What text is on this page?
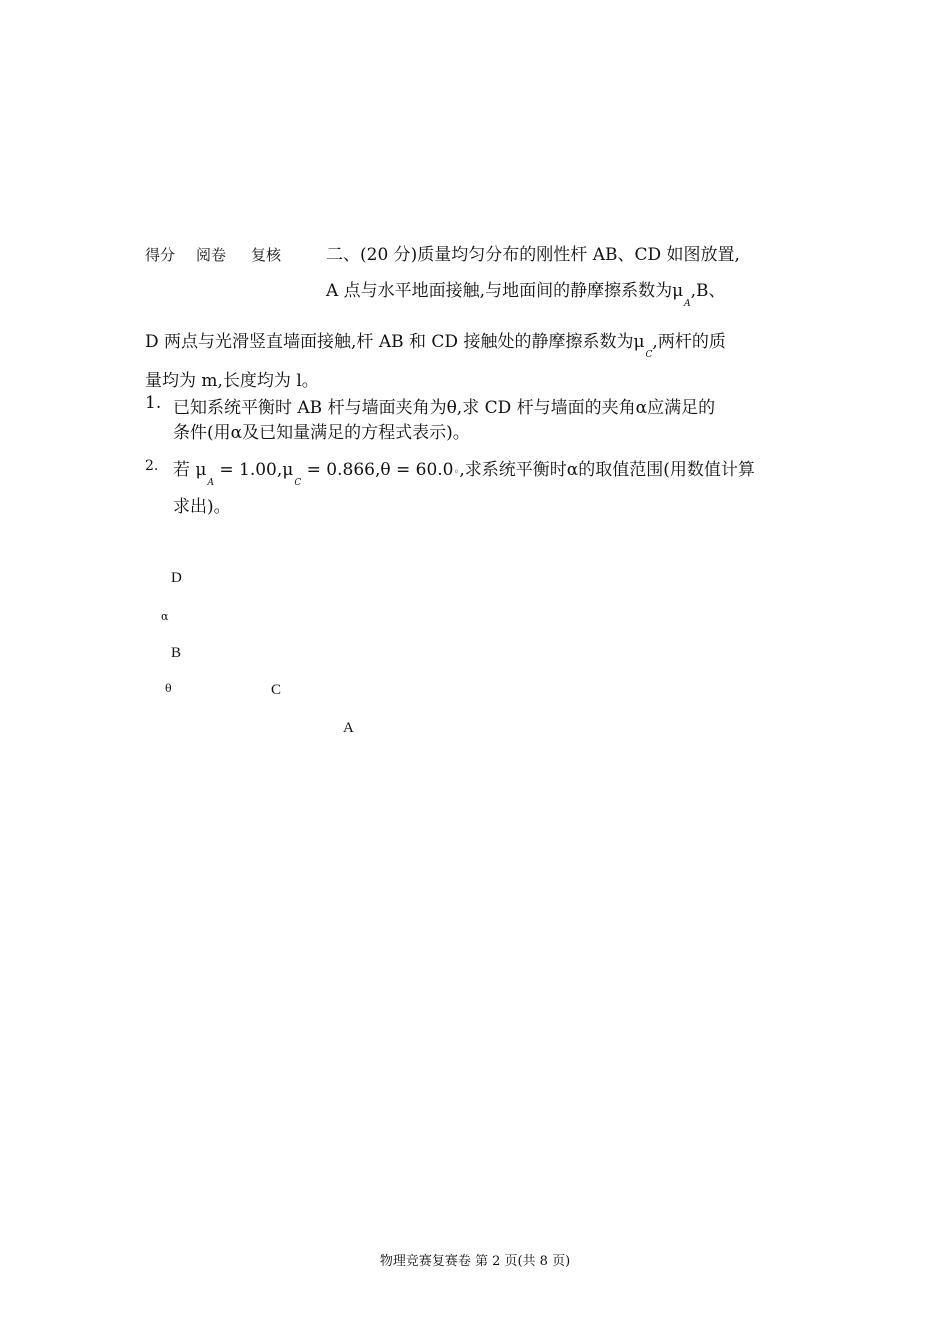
得分 阅卷 复核	二、(20 分)质量均匀分布的刚性杆 AB、CD 如图放置,
A 点与水平地面接触,与地面间的静摩擦系数为$\mu_A,B$、
D 两点与光滑竖直墙面接触,杆 AB 和 CD 接触处的静摩擦系数为$\mu_C$,两杆的质
量均为 m,长度均为 l。
1. 已知系统平衡时 AB 杆与墙面夹角为θ,求 CD 杆与墙面的夹角α应满足的
条件(用α及已知量满足的方程式表示)。
2. 若 $\mu_A = 1.00,\mu_C = 0.866,\theta$ = 60.0◦,求系统平衡时α的取值范围(用数值计算
求出)。
D
α
B
θ	C
A
物理竞赛复赛卷 第 2 页(共 8 页)
